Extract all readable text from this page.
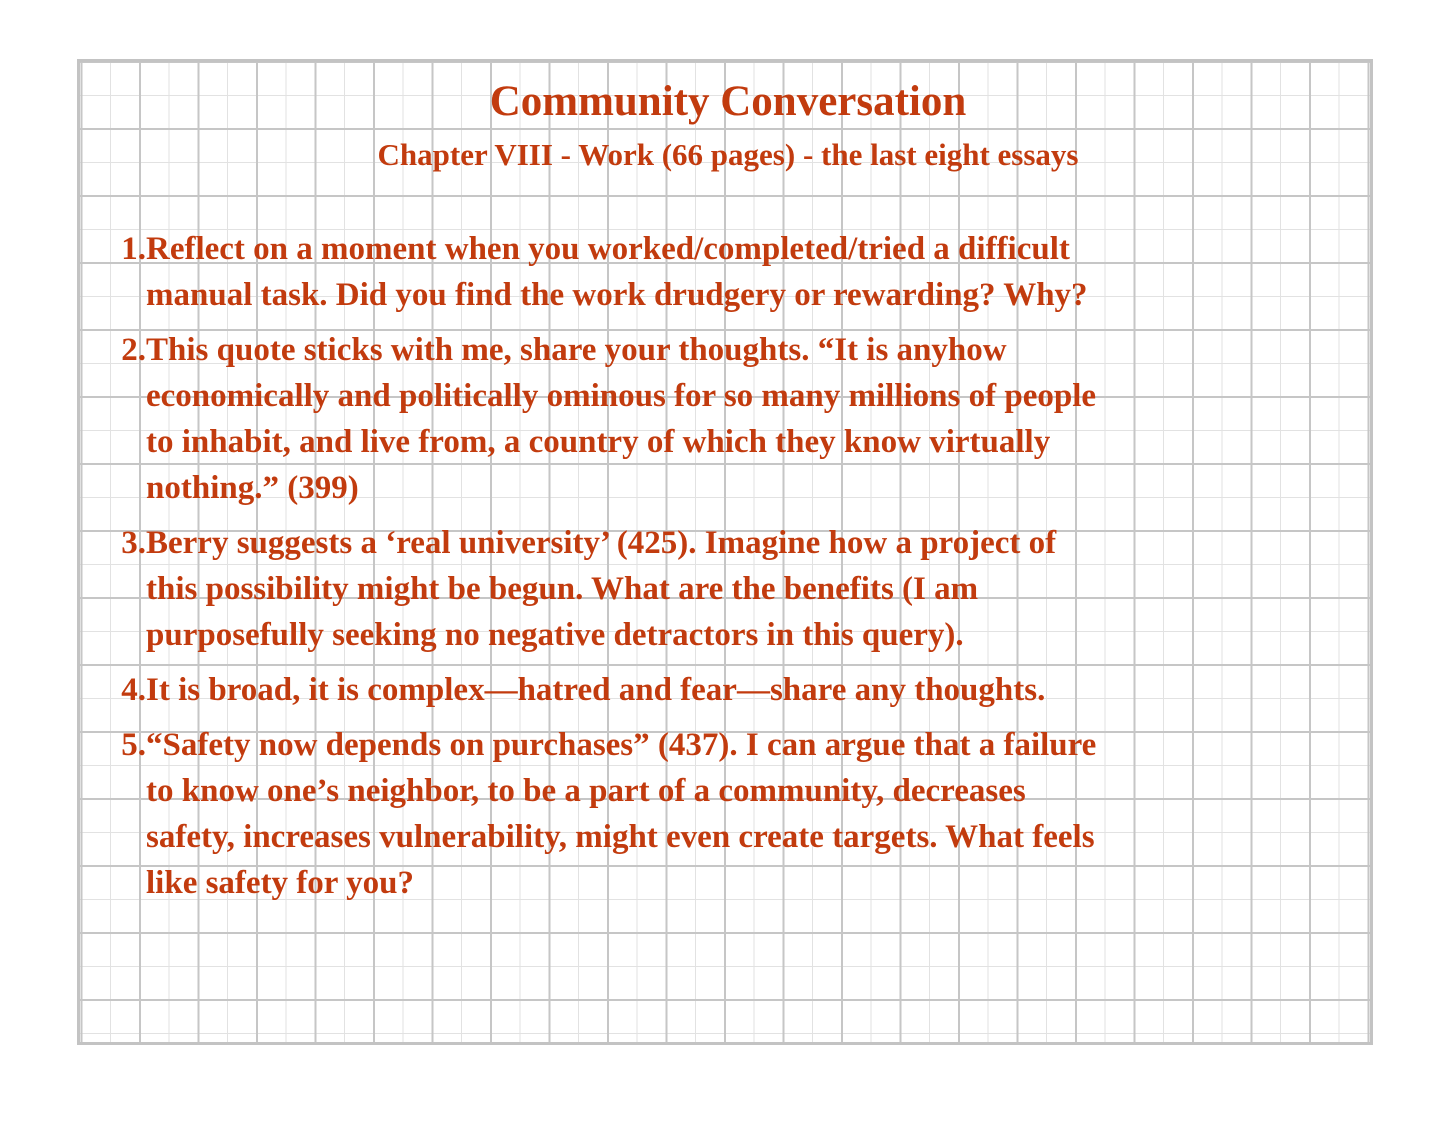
Community Conversation
Chapter VIII - Work (66 pages) - the last eight essays
1. Reflect on a moment when you worked/completed/tried a difficult
manual task. Did you find the work drudgery or rewarding? Why?
2. This quote sticks with me, share your thoughts. “It is anyhow
economically and politically ominous for so many millions of people
to inhabit, and live from, a country of which they know virtually
nothing.” (399)
3. Berry suggests a ‘real university’ (425). Imagine how a project of
this possibility might be begun. What are the benefits (I am
purposefully seeking no negative detractors in this query).
4. It is broad, it is complex—hatred and fear—share any thoughts.
5. “Safety now depends on purchases” (437). I can argue that a failure
to know one’s neighbor, to be a part of a community, decreases
safety, increases vulnerability, might even create targets. What feels
like safety for you?
